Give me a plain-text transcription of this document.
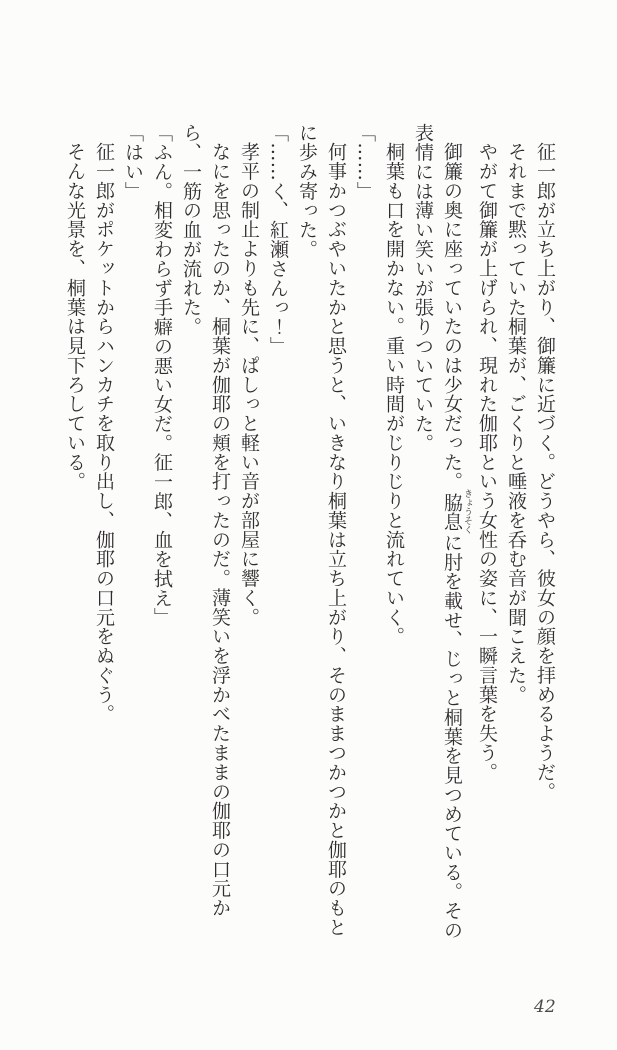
征一郎が立ち上がり、御簾に近づく。どうやら、彼女の顔を拝めるようだ。

それまで黙っていた桐葉が、ごくりと唾液を呑む音が聞こえた。

やがて御簾が上げられ、現れた伽耶という女性の姿に、一瞬言葉を失う。

御簾の奥に座っていたのは少女だった。脇息 きょうそくに肘を載せ、じっと桐葉を見つめている。その表情には薄い笑いが張りついていた。

桐葉も口を開かない。重い時間がじりじりと流れていく。

「……」

何事かつぶやいたかと思うと、いきなり桐葉は立ち上がり、そのままつかつかと伽耶のもとに歩み寄った。

「……く、紅瀬さんっ！」

孝平の制止よりも先に、ぱしっと軽い音が部屋に響く。

なにを思ったのか、桐葉が伽耶の頬を打ったのだ。薄笑いを浮かべたままの伽耶の口元から、一筋の血が流れた。

「ふん。相変わらず手癖の悪い女だ。征一郎、血を拭え」

「はい」

征一郎がポケットからハンカチを取り出し、伽耶の口元をぬぐう。

そんな光景を、桐葉は見下ろしている。

42
